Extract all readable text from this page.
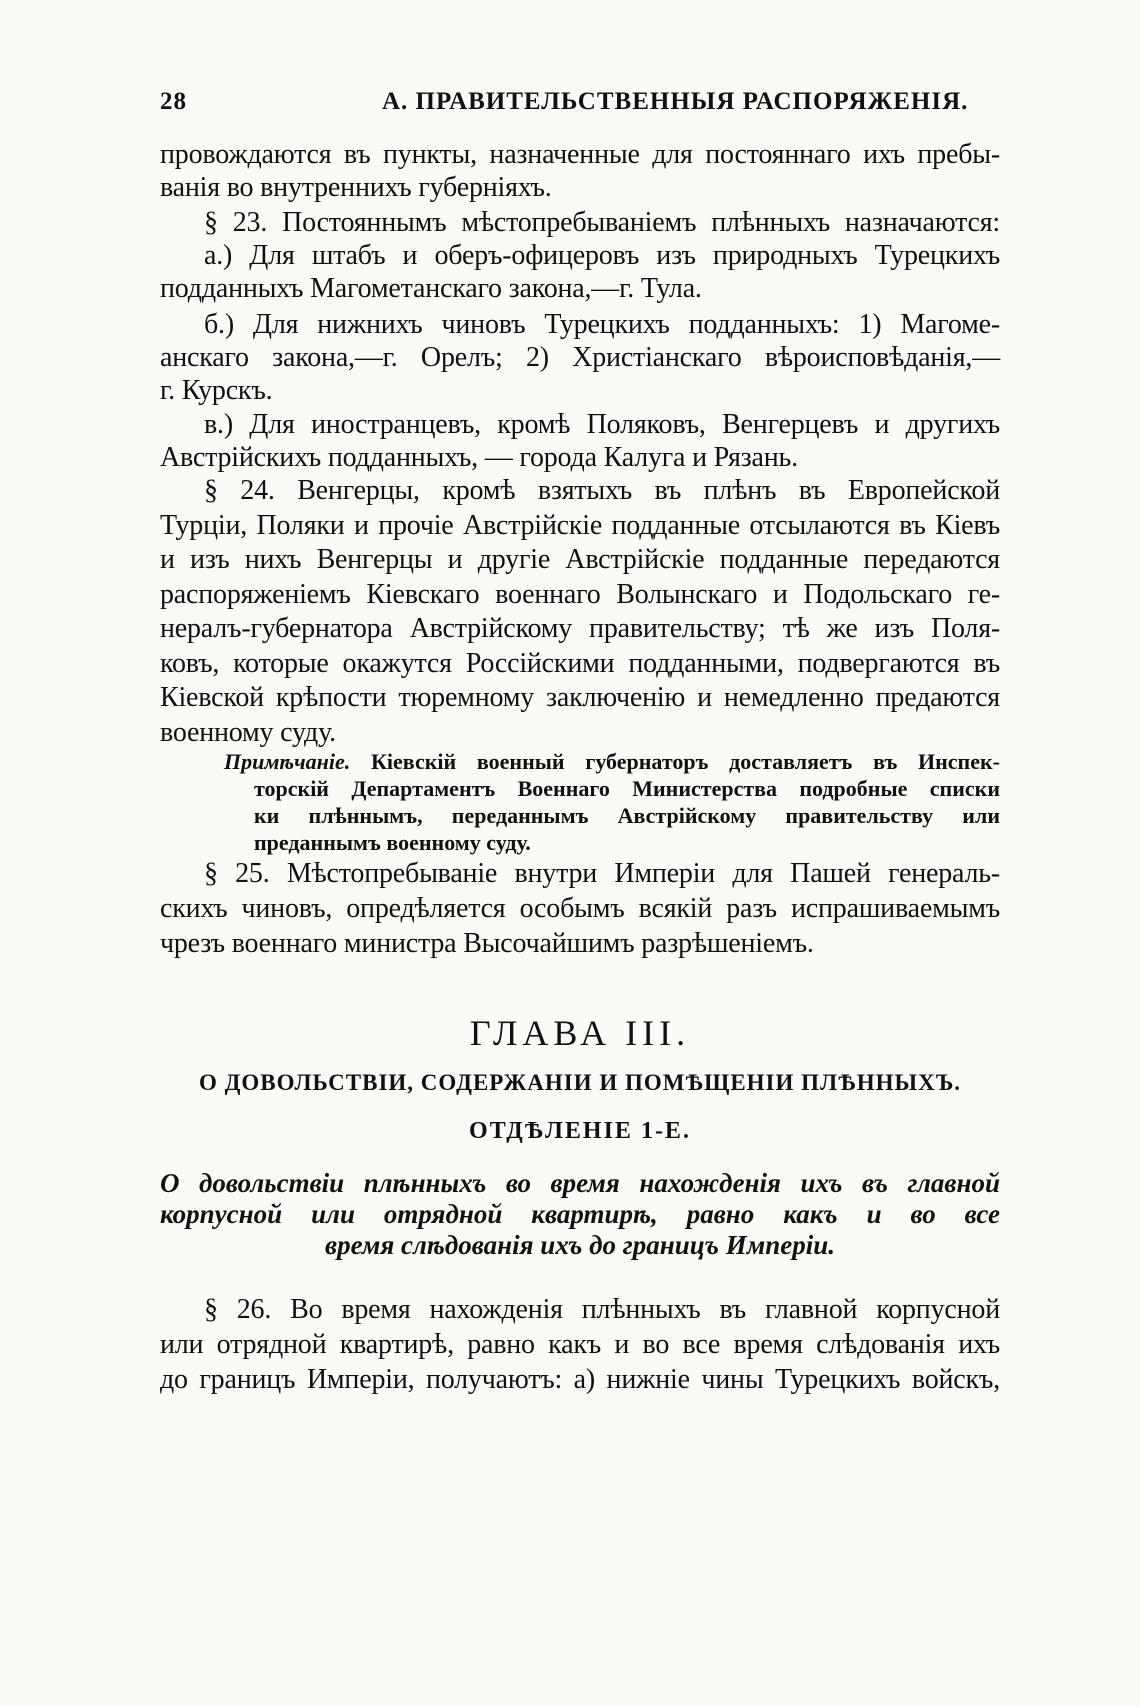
28	А. ПРАВИТЕЛЬСТВЕННЫЯ РАСПОРЯЖЕНІЯ.

провождаются въ пункты, назначенные для постояннаго ихъ пребы-
ванія во внутреннихъ губерніяхъ.

§ 23. Постояннымъ мѣстопребываніемъ плѣнныхъ назначаются:
а.) Для штабъ и оберъ-офицеровъ изъ природныхъ Турецкихъ
подданныхъ Магометанскаго закона,—г. Тула.

б.) Для нижнихъ чиновъ Турецкихъ подданныхъ: 1) Магоме-
анскаго закона,—г. Орелъ; 2) Христіанскаго вѣроисповѣданія,—
г. Курскъ.

в.) Для иностранцевъ, кромѣ Поляковъ, Венгерцевъ и другихъ
Австрійскихъ подданныхъ, — города Калуга и Рязань.

§ 24. Венгерцы, кромѣ взятыхъ въ плѣнъ въ Европейской
Турціи, Поляки и прочіе Австрійскіе подданные отсылаются въ Кіевъ
и изъ нихъ Венгерцы и другіе Австрійскіе подданные передаются
распоряженіемъ Кіевскаго военнаго Волынскаго и Подольскаго ге-
нералъ-губернатора Австрійскому правительству; тѣ же изъ Поля-
ковъ, которые окажутся Россійскими подданными, подвергаются въ
Кіевской крѣпости тюремному заключенію и немедленно предаются
военному суду.

Примѣчаніе. Кіевскій военный губернаторъ доставляетъ въ Инспек-
торскій Департаментъ Военнаго Министерства подробные списки
ки плѣннымъ, переданнымъ Австрійскому правительству или
преданнымъ военному суду.

§ 25. Мѣстопребываніе внутри Имперіи для Пашей генераль-
скихъ чиновъ, опредѣляется особымъ всякій разъ испрашиваемымъ
чрезъ военнаго министра Высочайшимъ разрѣшеніемъ.

ГЛАВА III.
О ДОВОЛЬСТВІИ, СОДЕРЖАНІИ И ПОМѢЩЕНІИ ПЛѢННЫХЪ.
ОТДѢЛЕНІЕ 1-Е.

О довольствіи плѣнныхъ во время нахожденія ихъ въ главной
корпусной или отрядной квартирѣ, равно какъ и во все

время слѣдованія ихъ до границъ Имперіи.

§ 26. Во время нахожденія плѣнныхъ въ главной корпусной
или отрядной квартирѣ, равно какъ и во все время слѣдованія ихъ
до границъ Имперіи, получаютъ: а) нижніе чины Турецкихъ войскъ,
